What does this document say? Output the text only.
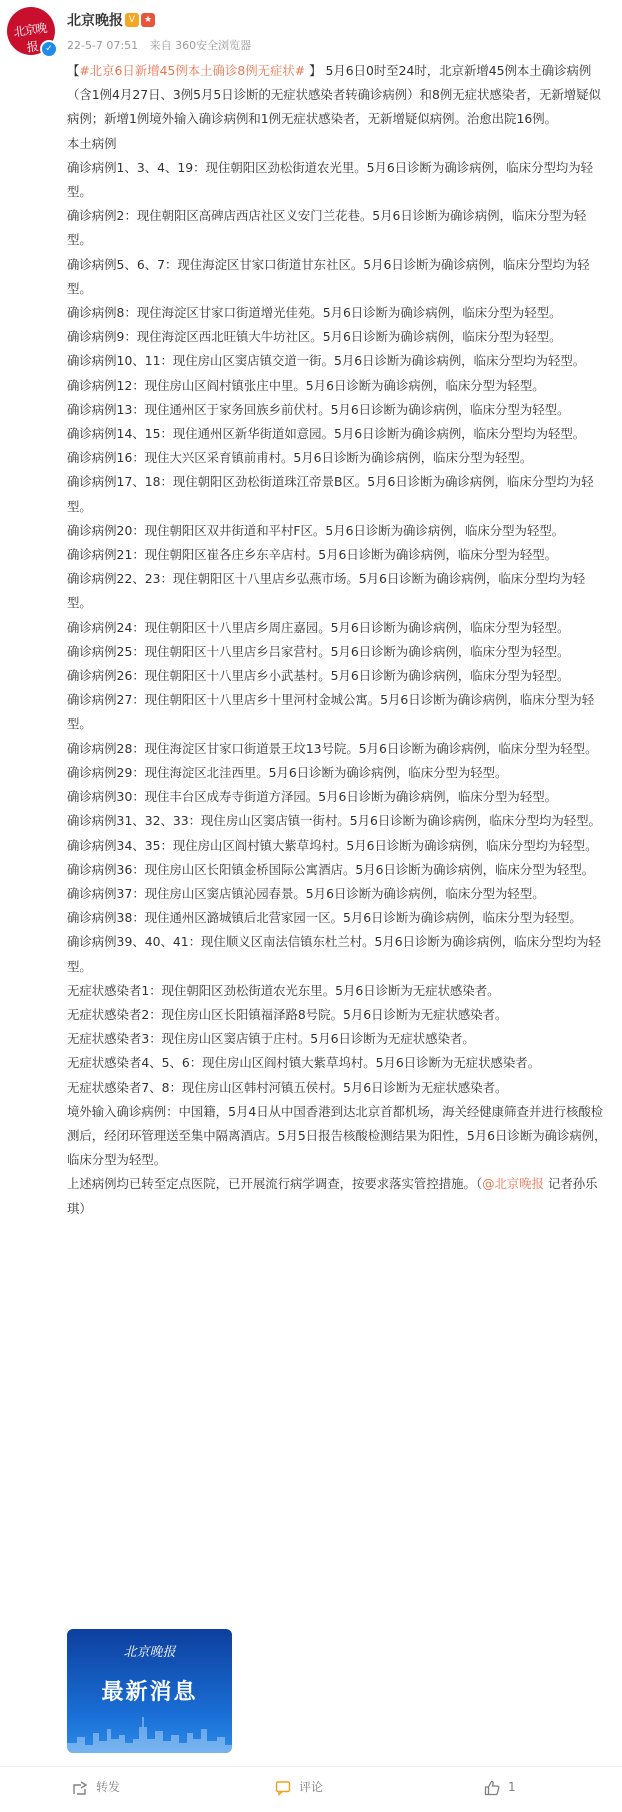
北京晚报 ✓
北京晚报 V ★
22-5-7 07:51 来自 360安全浏览器

【#北京6日新增45例本土确诊8例无症状# 】 5月6日0时至24时，北京新增45例本土确诊病例（含1例4月27日、3例5月5日诊断的无症状感染者转确诊病例）和8例无症状感染者，无新增疑似病例；新增1例境外输入确诊病例和1例无症状感染者，无新增疑似病例。治愈出院16例。

本土病例

确诊病例1、3、4、19：现住朝阳区劲松街道农光里。5月6日诊断为确诊病例，临床分型均为轻型。

确诊病例2：现住朝阳区高碑店西店社区义安门兰花巷。5月6日诊断为确诊病例，临床分型为轻型。

确诊病例5、6、7：现住海淀区甘家口街道甘东社区。5月6日诊断为确诊病例，临床分型均为轻型。

确诊病例8：现住海淀区甘家口街道增光佳苑。5月6日诊断为确诊病例，临床分型为轻型。

确诊病例9：现住海淀区西北旺镇大牛坊社区。5月6日诊断为确诊病例，临床分型为轻型。

确诊病例10、11：现住房山区窦店镇交道一街。5月6日诊断为确诊病例，临床分型均为轻型。

确诊病例12：现住房山区阎村镇张庄中里。5月6日诊断为确诊病例，临床分型为轻型。

确诊病例13：现住通州区于家务回族乡前伏村。5月6日诊断为确诊病例，临床分型为轻型。

确诊病例14、15：现住通州区新华街道如意园。5月6日诊断为确诊病例，临床分型均为轻型。

确诊病例16：现住大兴区采育镇前甫村。5月6日诊断为确诊病例，临床分型为轻型。

确诊病例17、18：现住朝阳区劲松街道珠江帝景B区。5月6日诊断为确诊病例，临床分型均为轻型。

确诊病例20：现住朝阳区双井街道和平村F区。5月6日诊断为确诊病例，临床分型为轻型。

确诊病例21：现住朝阳区崔各庄乡东辛店村。5月6日诊断为确诊病例，临床分型为轻型。

确诊病例22、23：现住朝阳区十八里店乡弘燕市场。5月6日诊断为确诊病例，临床分型均为轻型。

确诊病例24：现住朝阳区十八里店乡周庄嘉园。5月6日诊断为确诊病例，临床分型为轻型。

确诊病例25：现住朝阳区十八里店乡吕家营村。5月6日诊断为确诊病例，临床分型为轻型。

确诊病例26：现住朝阳区十八里店乡小武基村。5月6日诊断为确诊病例，临床分型为轻型。

确诊病例27：现住朝阳区十八里店乡十里河村金城公寓。5月6日诊断为确诊病例，临床分型为轻型。

确诊病例28：现住海淀区甘家口街道景王坟13号院。5月6日诊断为确诊病例，临床分型为轻型。

确诊病例29：现住海淀区北洼西里。5月6日诊断为确诊病例，临床分型为轻型。

确诊病例30：现住丰台区成寿寺街道方泽园。5月6日诊断为确诊病例，临床分型为轻型。

确诊病例31、32、33：现住房山区窦店镇一街村。5月6日诊断为确诊病例，临床分型均为轻型。

确诊病例34、35：现住房山区阎村镇大紫草坞村。5月6日诊断为确诊病例，临床分型均为轻型。

确诊病例36：现住房山区长阳镇金桥国际公寓酒店。5月6日诊断为确诊病例，临床分型为轻型。

确诊病例37：现住房山区窦店镇沁园春景。5月6日诊断为确诊病例，临床分型为轻型。

确诊病例38：现住通州区潞城镇后北营家园一区。5月6日诊断为确诊病例，临床分型为轻型。

确诊病例39、40、41：现住顺义区南法信镇东杜兰村。5月6日诊断为确诊病例，临床分型均为轻型。

无症状感染者1：现住朝阳区劲松街道农光东里。5月6日诊断为无症状感染者。

无症状感染者2：现住房山区长阳镇福泽路8号院。5月6日诊断为无症状感染者。

无症状感染者3：现住房山区窦店镇于庄村。5月6日诊断为无症状感染者。

无症状感染者4、5、6：现住房山区阎村镇大紫草坞村。5月6日诊断为无症状感染者。

无症状感染者7、8：现住房山区韩村河镇五侯村。5月6日诊断为无症状感染者。

境外输入确诊病例：中国籍，5月4日从中国香港到达北京首都机场，海关经健康筛查并进行核酸检测后，经闭环管理送至集中隔离酒店。5月5日报告核酸检测结果为阳性，5月6日诊断为确诊病例，临床分型为轻型。

上述病例均已转至定点医院，已开展流行病学调查，按要求落实管控措施。（@北京晚报 记者孙乐琪）

北京晚报
最新消息
转发	评论	1
